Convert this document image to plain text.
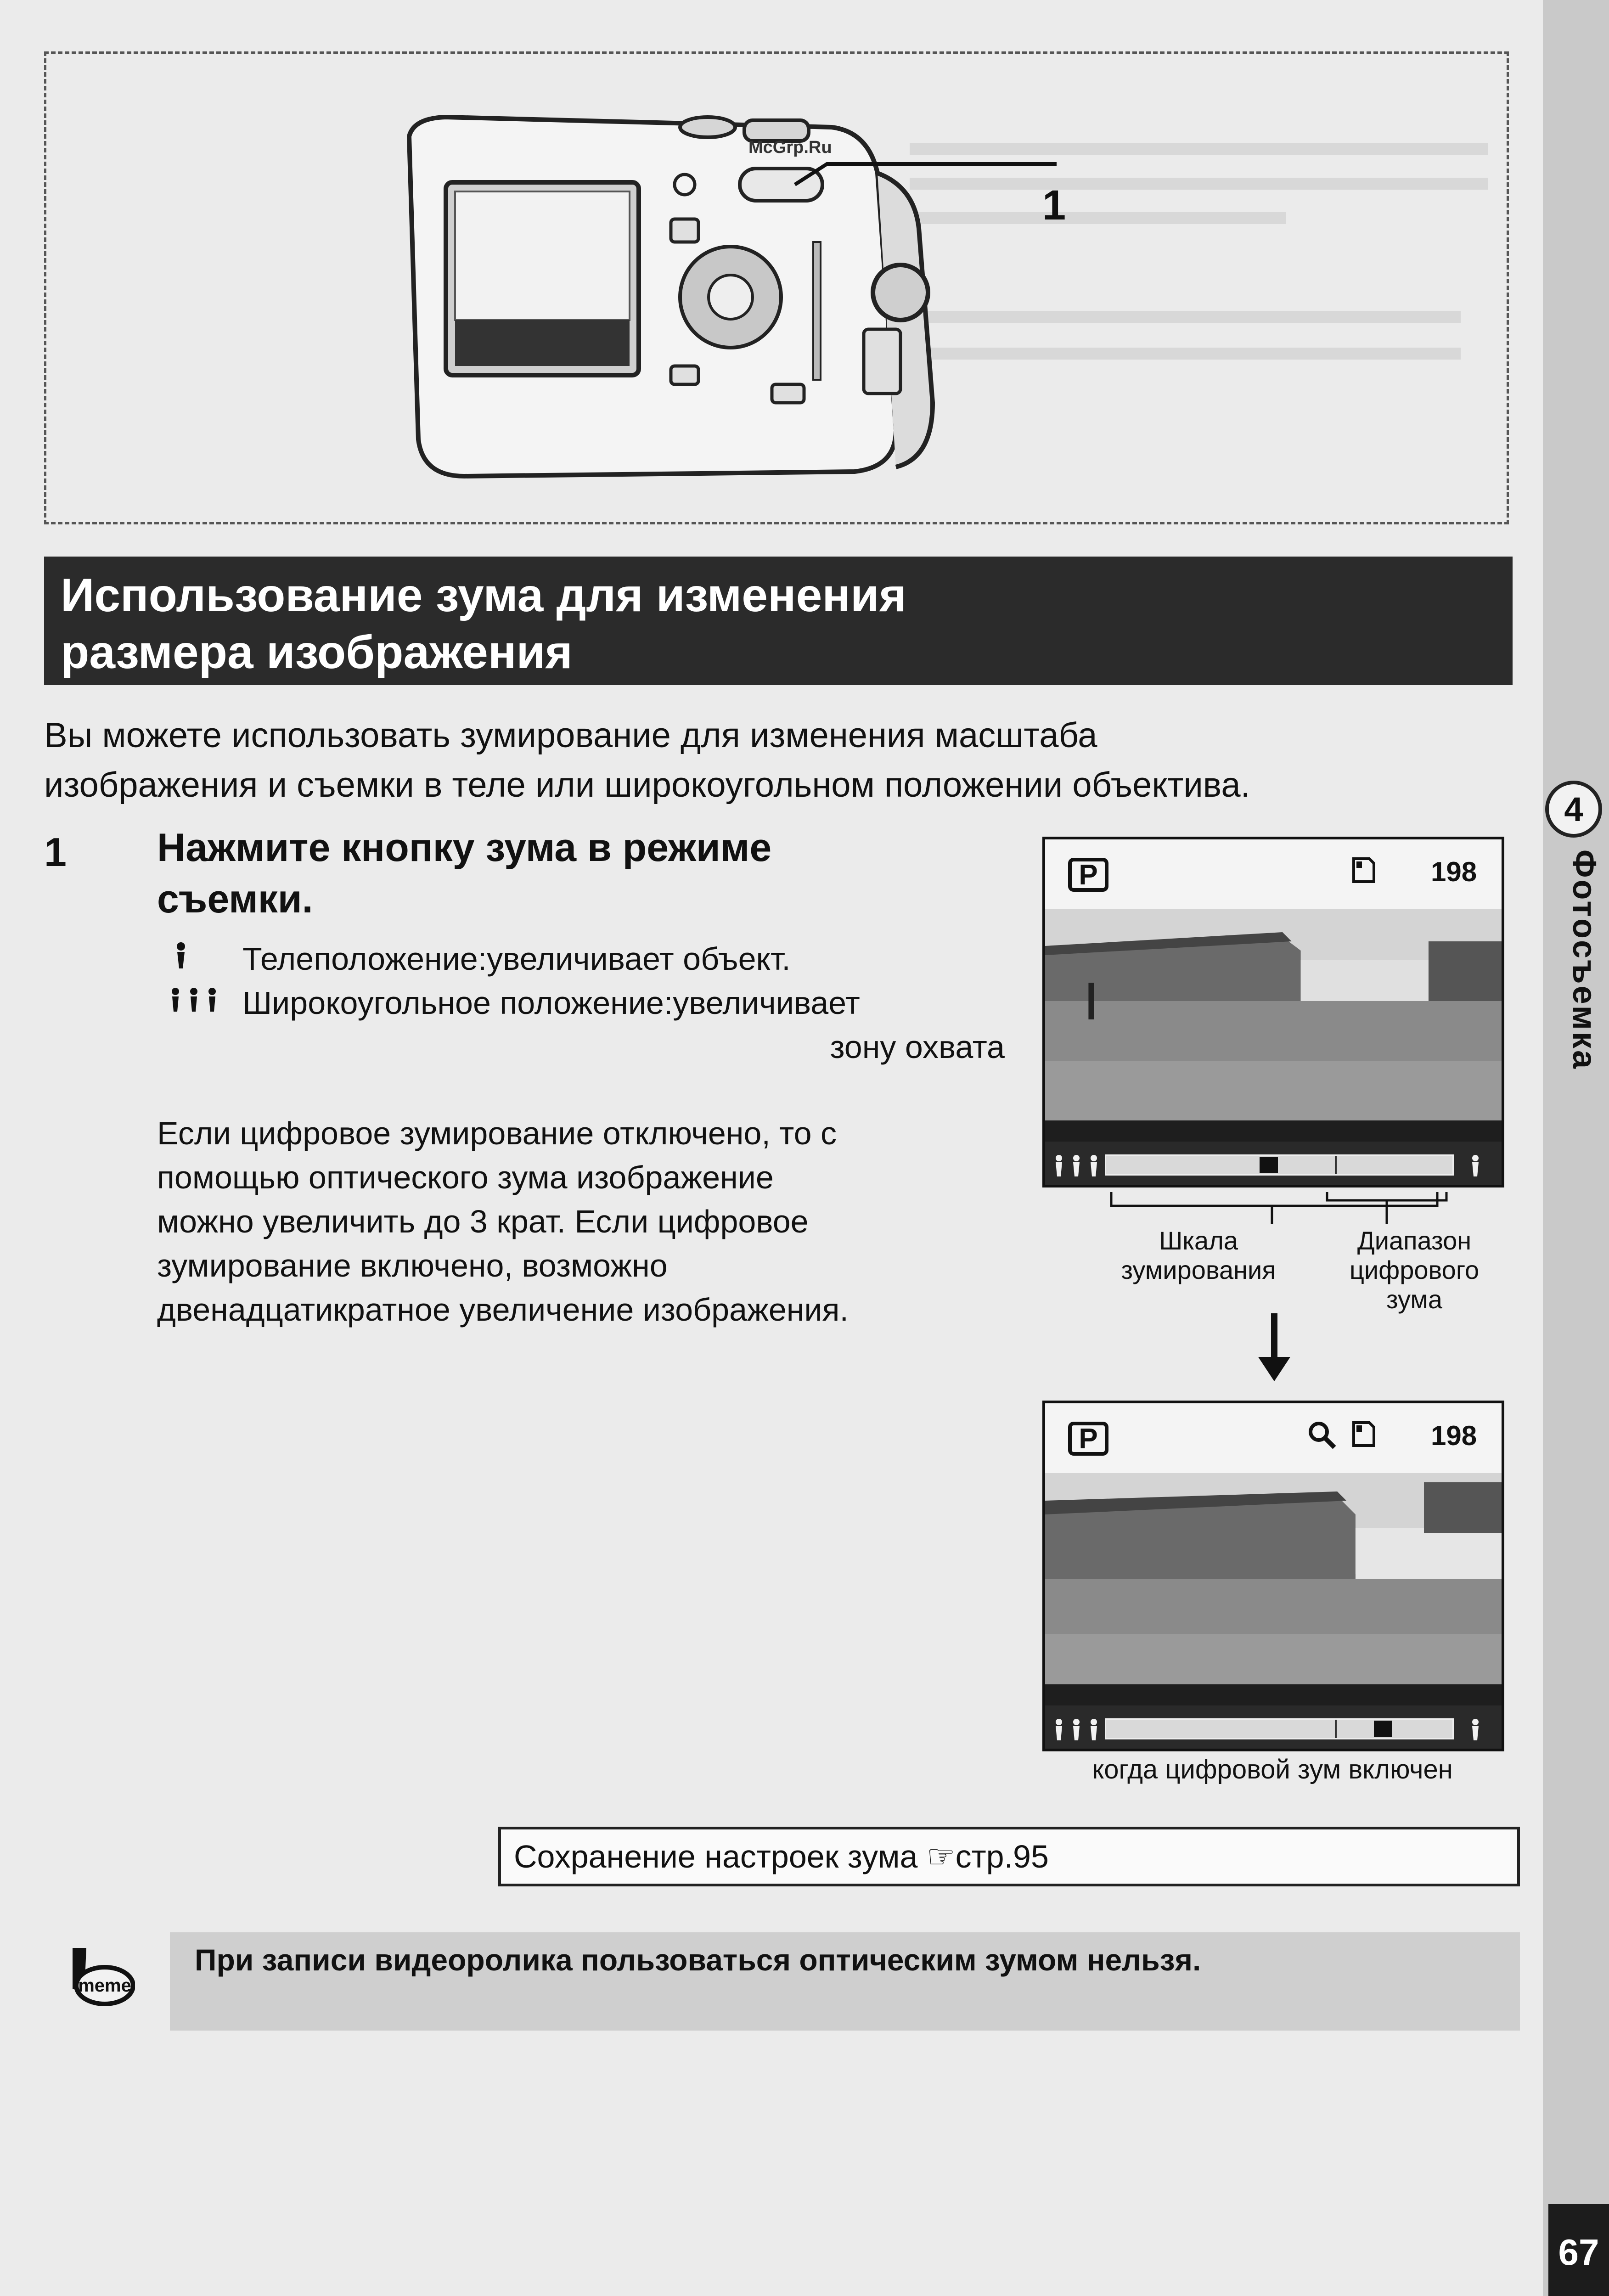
4
Фотосъемка
67
1
McGrp.Ru
Использование зума для изменения
размера изображения
Вы можете использовать зумирование для изменения масштаба
изображения и съемки в теле или широкоугольном положении объектива.
1 Нажмите кнопку зума в режиме
съемки.
Телеположение:увеличивает объект.
Широкоугольное положение:увеличивает
зону охвата
Если цифровое зумирование отключено, то с
помощью оптического зума изображение
можно увеличить до 3 крат. Если цифровое
зумирование включено, возможно
двенадцатикратное увеличение изображения.
P	198
Шкала
зумирования
Диапазон
цифрового
зума
P	198
когда цифровой зум включен
Сохранение настроек зума ☞стр.95
meme
При записи видеоролика пользоваться оптическим зумом нельзя.
